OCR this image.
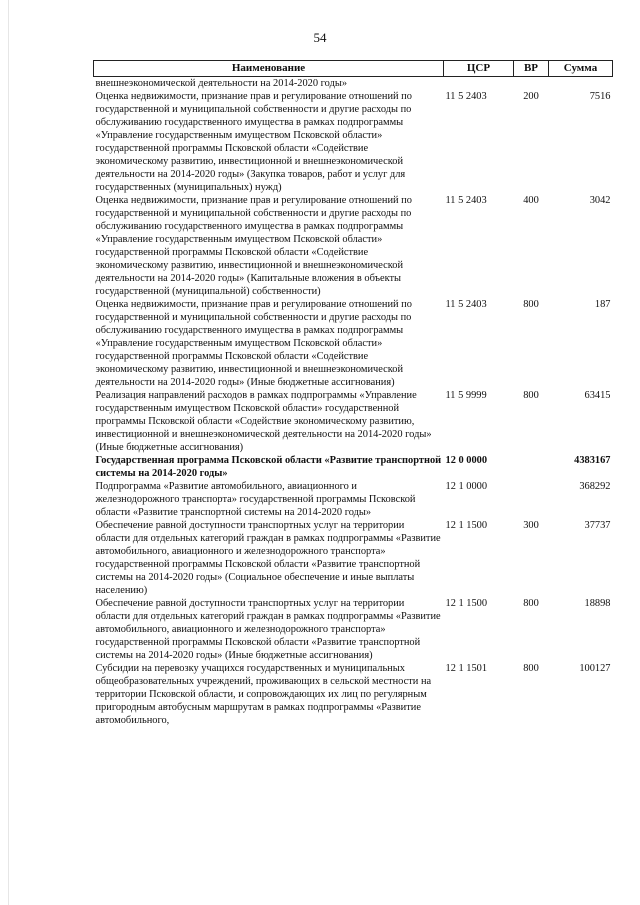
54
Наименование	ЦСР	ВР	Сумма
внешнеэкономической деятельности на 2014-2020 годы»			
Оценка недвижимости, признание прав и регулирование отношений по государственной и муниципальной собственности и другие расходы по обслуживанию государственного имущества в рамках подпрограммы «Управление государственным имуществом Псковской области» государственной программы Псковской области «Содействие экономическому развитию, инвестиционной и внешнеэкономической деятельности на 2014-2020 годы» (Закупка товаров, работ и услуг для государственных (муниципальных) нужд)	11 5 2403	200	7516
Оценка недвижимости, признание прав и регулирование отношений по государственной и муниципальной собственности и другие расходы по обслуживанию государственного имущества в рамках подпрограммы «Управление государственным имуществом Псковской области» государственной программы Псковской области «Содействие экономическому развитию, инвестиционной и внешнеэкономической деятельности на 2014-2020 годы» (Капитальные вложения в объекты государственной (муниципальной) собственности)	11 5 2403	400	3042
Оценка недвижимости, признание прав и регулирование отношений по государственной и муниципальной собственности и другие расходы по обслуживанию государственного имущества в рамках подпрограммы «Управление государственным имуществом Псковской области» государственной программы Псковской области «Содействие экономическому развитию, инвестиционной и внешнеэкономической деятельности на 2014-2020 годы» (Иные бюджетные ассигнования)	11 5 2403	800	187
Реализация направлений расходов в рамках подпрограммы «Управление государственным имуществом Псковской области» государственной программы Псковской области «Содействие экономическому развитию, инвестиционной и внешнеэкономической деятельности на 2014-2020 годы» (Иные бюджетные ассигнования)	11 5 9999	800	63415
Государственная программа Псковской области «Развитие транспортной системы на 2014-2020 годы»	12 0 0000		4383167
Подпрограмма «Развитие автомобильного, авиационного и железнодорожного транспорта» государственной программы Псковской области «Развитие транспортной системы на 2014-2020 годы»	12 1 0000		368292
Обеспечение равной доступности транспортных услуг на территории области для отдельных категорий граждан в рамках подпрограммы «Развитие автомобильного, авиационного и железнодорожного транспорта» государственной программы Псковской области «Развитие транспортной системы на 2014-2020 годы» (Социальное обеспечение и иные выплаты населению)	12 1 1500	300	37737
Обеспечение равной доступности транспортных услуг на территории области для отдельных категорий граждан в рамках подпрограммы «Развитие автомобильного, авиационного и железнодорожного транспорта» государственной программы Псковской области «Развитие транспортной системы на 2014-2020 годы» (Иные бюджетные ассигнования)	12 1 1500	800	18898
Субсидии на перевозку учащихся государственных и муниципальных общеобразовательных учреждений, проживающих в сельской местности на территории Псковской области, и сопровождающих их лиц по регулярным пригородным автобусным маршрутам в рамках подпрограммы «Развитие автомобильного,	12 1 1501	800	100127
